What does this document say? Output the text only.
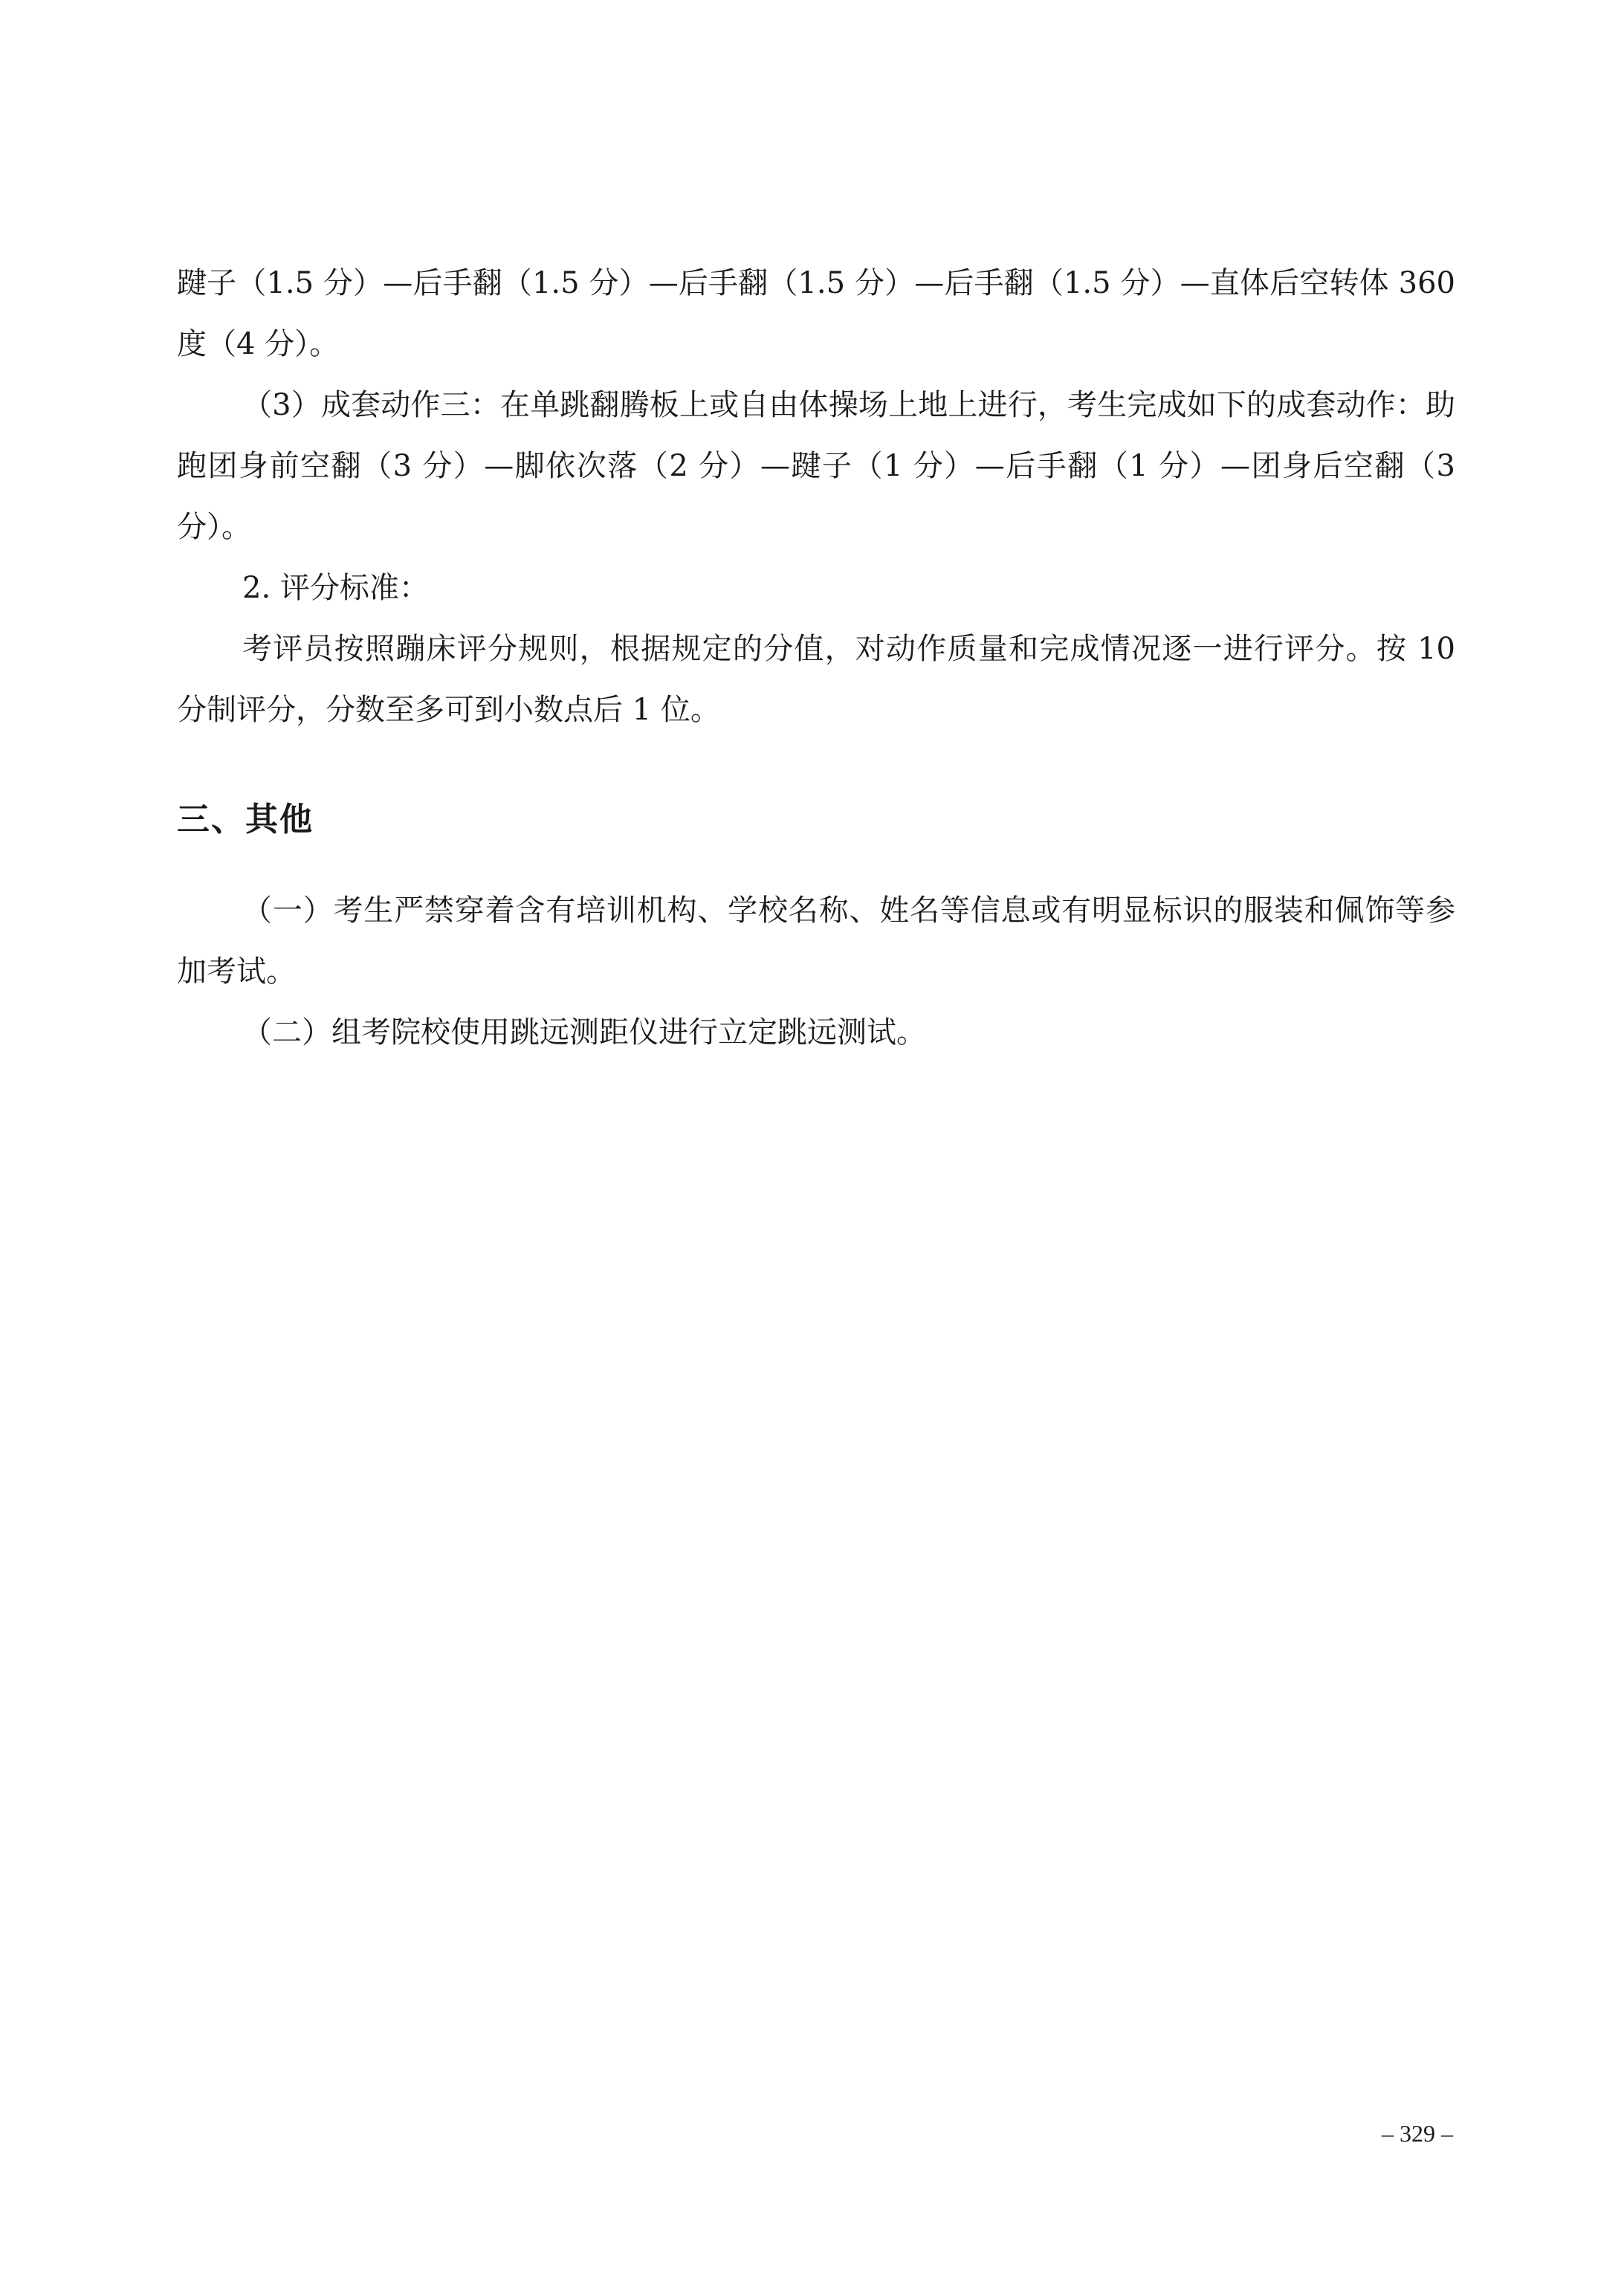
踺子（1.5 分）—后手翻（1.5 分）—后手翻（1.5 分）—后手翻（1.5 分）—直体后空转体 360 度（4 分）。

（3）成套动作三：在单跳翻腾板上或自由体操场上地上进行，考生完成如下的成套动作：助跑团身前空翻（3 分）—脚依次落（2 分）—踺子（1 分）—后手翻（1 分）—团身后空翻（3 分）。

2. 评分标准：

考评员按照蹦床评分规则，根据规定的分值，对动作质量和完成情况逐一进行评分。按 10 分制评分，分数至多可到小数点后 1 位。

三、其他

（一）考生严禁穿着含有培训机构、学校名称、姓名等信息或有明显标识的服装和佩饰等参加考试。

（二）组考院校使用跳远测距仪进行立定跳远测试。

– 329 –
